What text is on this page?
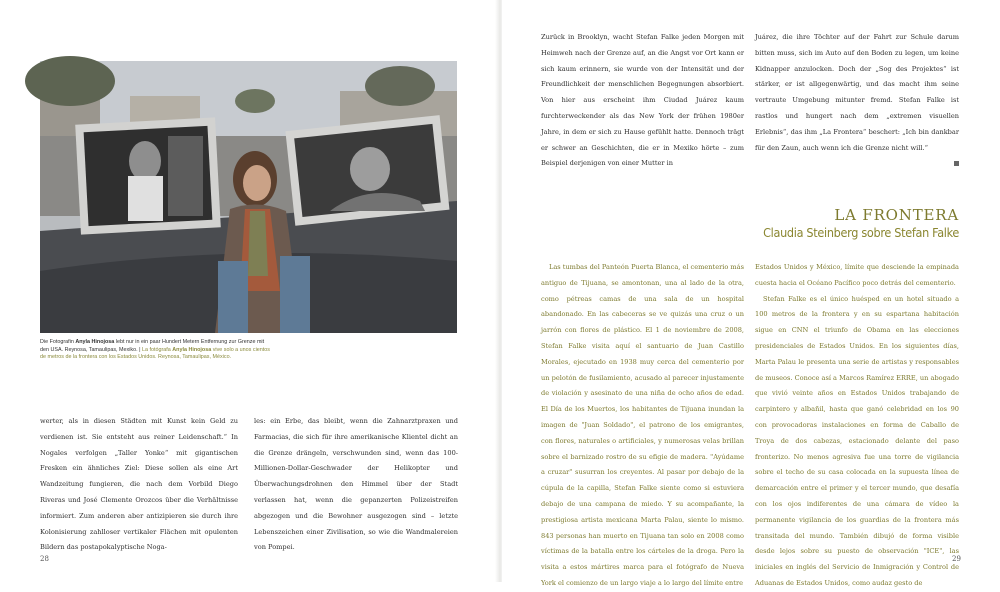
Die Fotografin Anyla Hinojosa lebt nur in ein paar Hundert Metern Entfernung zur Grenze mit den USA. Reynosa, Tamaulipas, Mexiko. | La fotógrafa Anyla Hinojosa vive solo a unos cientos de metros de la frontera con los Estados Unidos. Reynosa, Tamaulipas, México.

werter, als in diesen Städten mit Kunst kein Geld zu verdienen ist. Sie entsteht aus reiner Leidenschaft.“ In Nogales verfolgen „Taller Yonke“ mit gigantischen Fresken ein ähnliches Ziel: Diese sollen als eine Art Wandzeitung fungieren, die nach dem Vorbild Diego Riveras und José Clemente Orozcos über die Verhältnisse informiert. Zum anderen aber antizipieren sie durch ihre Kolonisierung zahlloser vertikaler Flächen mit opulenten Bildern das postapokalyptische Noga-

les: ein Erbe, das bleibt, wenn die Zahnarztpraxen und Farmacias, die sich für ihre amerikanische Klientel dicht an die Grenze drängeln, verschwunden sind, wenn das 100-Millionen-Dollar-Geschwader der Helikopter und Überwachungsdrohnen den Himmel über der Stadt verlassen hat, wenn die gepanzerten Polizeistreifen abgezogen und die Bewohner ausgezogen sind – letzte Lebenszeichen einer Zivilisation, so wie die Wandmalereien von Pompei.

28	29

Zurück in Brooklyn, wacht Stefan Falke jeden Morgen mit Heimweh nach der Grenze auf, an die Angst vor Ort kann er sich kaum erinnern, sie wurde von der Intensität und der Freundlichkeit der menschlichen Begegnungen absorbiert. Von hier aus erscheint ihm Ciudad Juárez kaum furchterweckender als das New York der frühen 1980er Jahre, in dem er sich zu Hause gefühlt hatte. Dennoch trägt er schwer an Geschichten, die er in Mexiko hörte – zum Beispiel derjenigen von einer Mutter in

Juárez, die ihre Töchter auf der Fahrt zur Schule darum bitten muss, sich im Auto auf den Boden zu legen, um keine Kidnapper anzulocken. Doch der „Sog des Projektes“ ist stärker, er ist allgegenwärtig, und das macht ihm seine vertraute Umgebung mitunter fremd. Stefan Falke ist rastlos und hungert nach dem „extremen visuellen Erlebnis“, das ihm „La Frontera“ beschert: „Ich bin dankbar für den Zaun, auch wenn ich die Grenze nicht will.“

LA FRONTERA
Claudia Steinberg sobre Stefan Falke

Las tumbas del Panteón Puerta Blanca, el cementerio más antiguo de Tijuana, se amontonan, una al lado de la otra, como pétreas camas de una sala de un hospital abandonado. En las cabeceras se ve quizás una cruz o un jarrón con flores de plástico. El 1 de noviembre de 2008, Stefan Falke visita aquí el santuario de Juan Castillo Morales, ejecutado en 1938 muy cerca del cementerio por un pelotón de fusilamiento, acusado al parecer injustamente de violación y asesinato de una niña de ocho años de edad. El Día de los Muertos, los habitantes de Tijuana inundan la imagen de "Juan Soldado", el patrono de los emigrantes, con flores, naturales o artificiales, y numerosas velas brillan sobre el barnizado rostro de su efigie de madera. "Ayúdame a cruzar" susurran los creyentes. Al pasar por debajo de la cúpula de la capilla, Stefan Falke siente como si estuviera debajo de una campana de miedo. Y su acompañante, la prestigiosa artista mexicana Marta Palau, siente lo mismo. 843 personas han muerto en Tijuana tan solo en 2008 como víctimas de la batalla entre los cárteles de la droga. Pero la visita a estos mártires marca para el fotógrafo de Nueva York el comienzo de un largo viaje a lo largo del límite entre

Estados Unidos y México, límite que desciende la empinada cuesta hacia el Océano Pacífico poco detrás del cementerio.

Stefan Falke es el único huésped en un hotel situado a 100 metros de la frontera y en su espartana habitación sigue en CNN el triunfo de Obama en las elecciones presidenciales de Estados Unidos. En los siguientes días, Marta Palau le presenta una serie de artistas y responsables de museos. Conoce así a Marcos Ramírez ERRE, un abogado que vivió veinte años en Estados Unidos trabajando de carpintero y albañil, hasta que ganó celebridad en los 90 con provocadoras instalaciones en forma de Caballo de Troya de dos cabezas, estacionado delante del paso fronterizo. No menos agresiva fue una torre de vigilancia sobre el techo de su casa colocada en la supuesta línea de demarcación entre el primer y el tercer mundo, que desafía con los ojos indiferentes de una cámara de vídeo la permanente vigilancia de los guardias de la frontera más transitada del mundo. También dibujó de forma visible desde lejos sobre su puesto de observación "ICE", las iniciales en inglés del Servicio de Inmigración y Control de Aduanas de Estados Unidos, como audaz gesto de
